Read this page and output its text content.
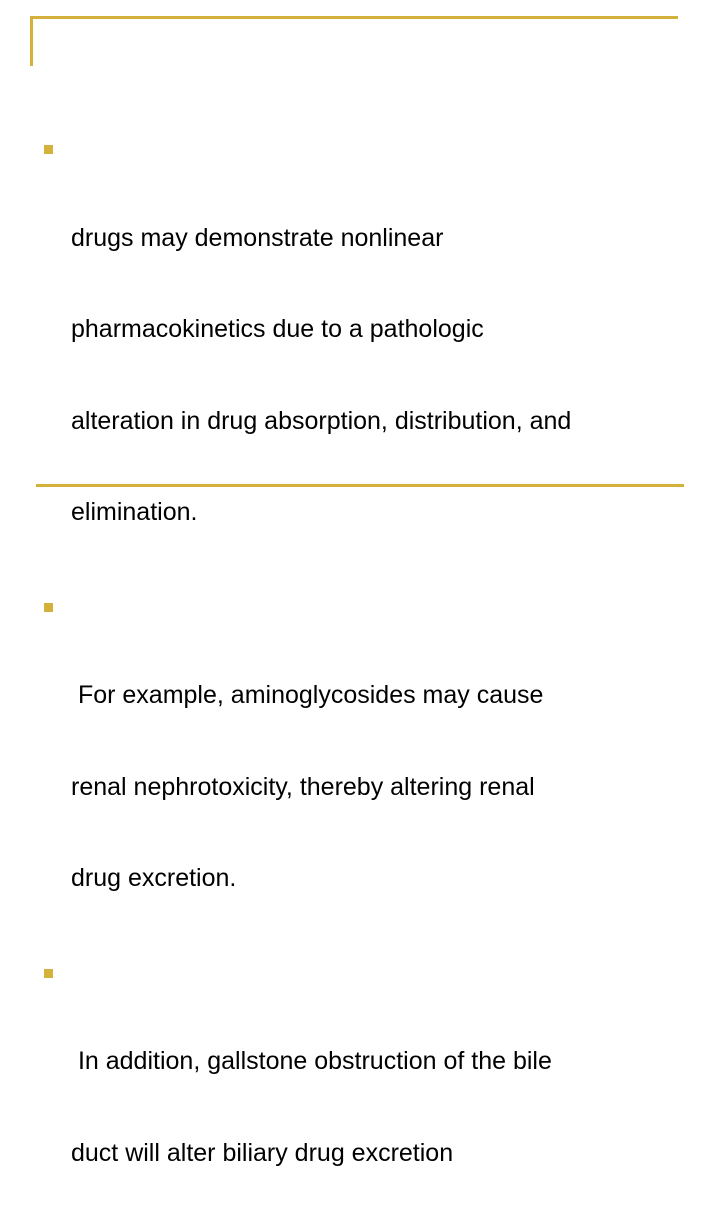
drugs may demonstrate nonlinear

pharmacokinetics due to a pathologic

alteration in drug absorption, distribution, and

elimination.

For example, aminoglycosides may cause

renal nephrotoxicity, thereby altering renal

drug excretion.

In addition, gallstone obstruction of the bile

duct will alter biliary drug excretion
